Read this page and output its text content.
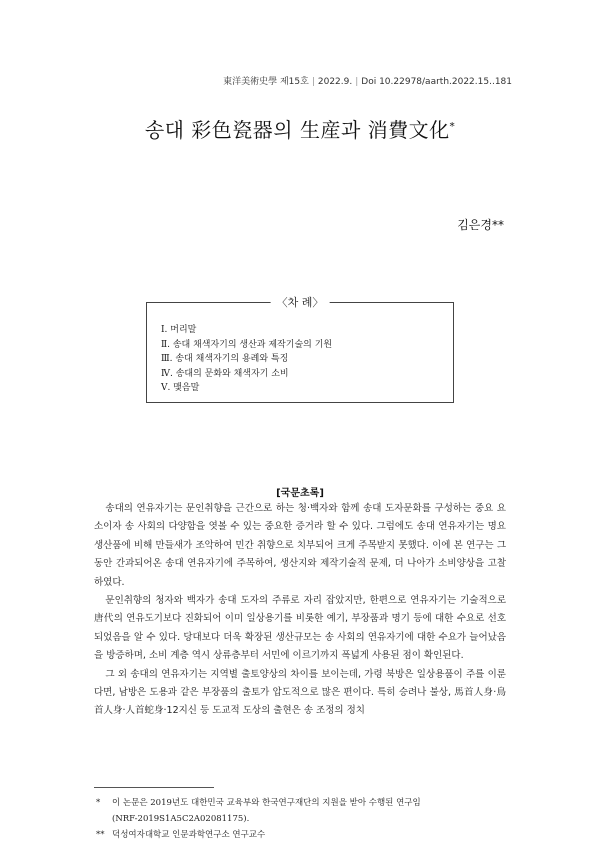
東洋美術史學 제15호 | 2022.9. | Doi 10.22978/aarth.2022.15..181
송대 彩色瓷器의 生産과 消費文化*
김은경**
〈차 례〉
Ⅰ. 머리말
Ⅱ. 송대 채색자기의 생산과 제작기술의 기원
Ⅲ. 송대 채색자기의 용례와 특징
Ⅳ. 송대의 문화와 채색자기 소비
Ⅴ. 맺음말
[국문초록]

송대의 연유자기는 문인취향을 근간으로 하는 청·백자와 함께 송대 도자문화를 구성하는 중요 요소이자 송 사회의 다양함을 엿볼 수 있는 중요한 증거라 할 수 있다. 그럼에도 송대 연유자기는 명요 생산품에 비해 만들새가 조악하여 민간 취향으로 치부되어 크게 주목받지 못했다. 이에 본 연구는 그동안 간과되어온 송대 연유자기에 주목하여, 생산지와 제작기술적 문제, 더 나아가 소비양상을 고찰하였다.

문인취향의 청자와 백자가 송대 도자의 주류로 자리 잡았지만, 한편으로 연유자기는 기술적으로 唐代의 연유도기보다 진화되어 이미 일상용기를 비롯한 예기, 부장품과 명기 등에 대한 수요로 선호되었음을 알 수 있다. 당대보다 더욱 확장된 생산규모는 송 사회의 연유자기에 대한 수요가 늘어났음을 방증하며, 소비 계층 역시 상류층부터 서민에 이르기까지 폭넓게 사용된 점이 확인된다.

그 외 송대의 연유자기는 지역별 출토양상의 차이를 보이는데, 가령 북방은 일상용품이 주를 이룬다면, 남방은 도용과 같은 부장품의 출토가 압도적으로 많은 편이다. 특히 승려나 불상, 馬首人身·鳥首人身·人首蛇身·12지신 등 도교적 도상의 출현은 송 조정의 정치

*	이 논문은 2019년도 대한민국 교육부와 한국연구재단의 지원을 받아 수행된 연구임
(NRF-2019S1A5C2A02081175).
** 덕성여자대학교 인문과학연구소 연구교수
